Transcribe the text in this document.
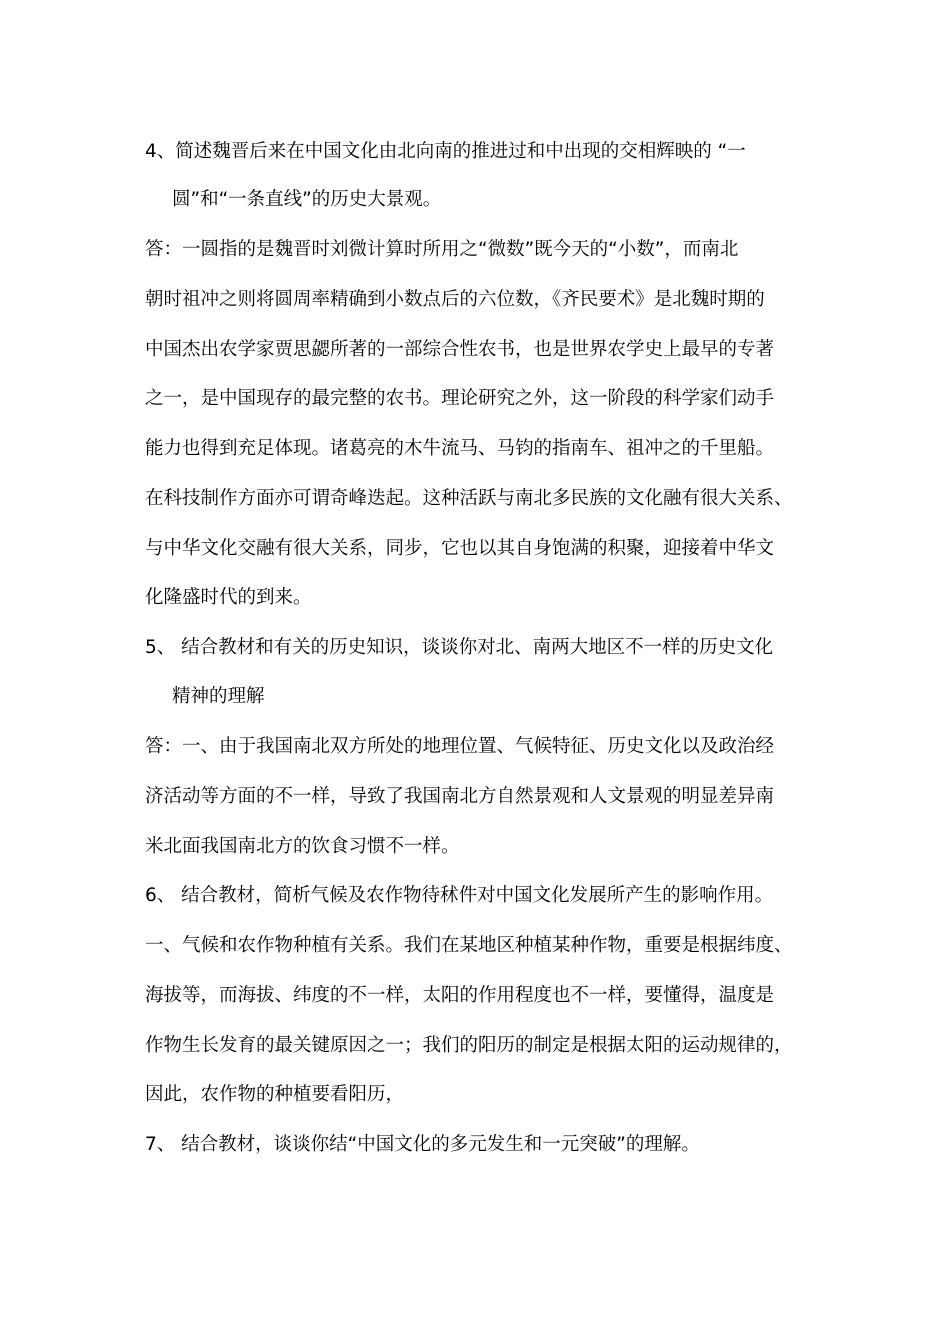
4、简述魏晋后来在中国文化由北向南的推进过和中出现的交相辉映的 “一
圆”和“一条直线”的历史大景观。
答：一圆指的是魏晋时刘微计算时所用之“微数”既今天的“小数”，而南北
朝时祖冲之则将圆周率精确到小数点后的六位数，《齐民要术》是北魏时期的
中国杰出农学家贾思勰所著的一部综合性农书，也是世界农学史上最早的专著
之一，是中国现存的最完整的农书。理论研究之外，这一阶段的科学家们动手
能力也得到充足体现。诸葛亮的木牛流马、马钧的指南车、祖冲之的千里船。
在科技制作方面亦可谓奇峰迭起。这种活跃与南北多民族的文化融有很大关系、
与中华文化交融有很大关系，同步，它也以其自身饱满的积聚，迎接着中华文
化隆盛时代的到来。
5、 结合教材和有关的历史知识，谈谈你对北、南两大地区不一样的历史文化
精神的理解
答：一、由于我国南北双方所处的地理位置、气候特征、历史文化以及政治经
济活动等方面的不一样，导致了我国南北方自然景观和人文景观的明显差异南
米北面我国南北方的饮食习惯不一样。
6、 结合教材，简析气候及农作物待秫件对中国文化发展所产生的影响作用。
一、气候和农作物种植有关系。我们在某地区种植某种作物，重要是根据纬度、
海拔等，而海拔、纬度的不一样，太阳的作用程度也不一样，要懂得，温度是
作物生长发育的最关键原因之一；我们的阳历的制定是根据太阳的运动规律的，
因此，农作物的种植要看阳历，
7、 结合教材，谈谈你结“中国文化的多元发生和一元突破”的理解。
